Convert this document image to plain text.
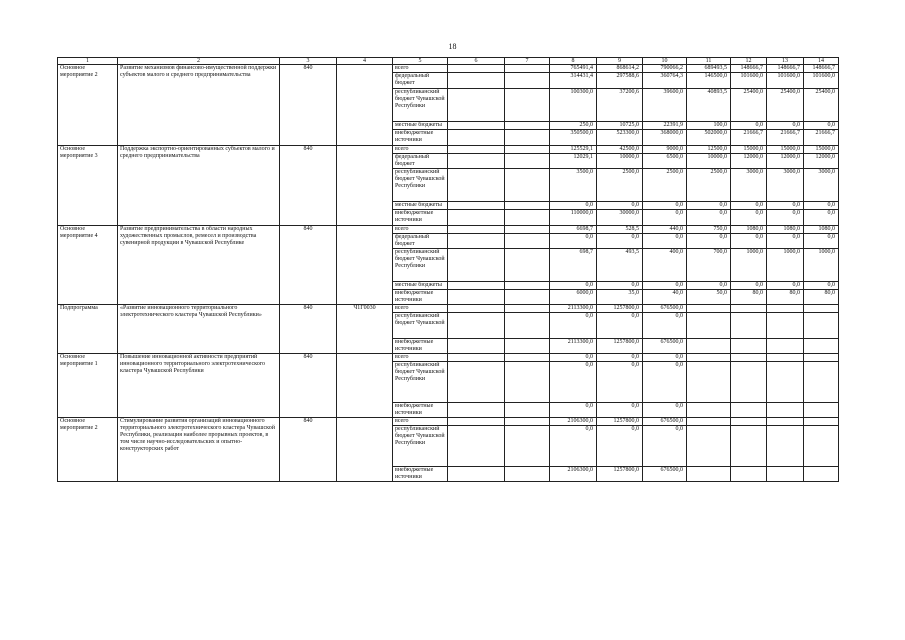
18
1	2	3	4	5	6	7	8	9	10	11	12	13	14
Основное мероприятие 2	Развитие механизмов финансово-имущественной поддержки субъектов малого и среднего предпринимательства	840		всего			765491,4	868614,2	790066,2	689493,5	148666,7	148666,7	148666,7
				федеральный бюджет			314431,4	297588,6	360764,3	146500,0	101600,0	101600,0	101600,0
				республиканский бюджет Чувашской Республики			100300,0	37200,6	39600,0	40893,5	25400,0	25400,0	25400,0
				местные бюджеты			250,0	10725,0	22391,9	100,0	0,0	0,0	0,0
				внебюджетные источники			350500,0	523300,0	368000,0	502000,0	21666,7	21666,7	21666,7
Основное мероприятие 3	Поддержка экспортно-ориентированных субъектов малого и среднего предпринимательства	840		всего			125529,1	42500,0	9000,0	12500,0	15000,0	15000,0	15000,0
				федеральный бюджет			12029,1	10000,0	6500,0	10000,0	12000,0	12000,0	12000,0
				республиканский бюджет Чувашской Республики			3500,0	2500,0	2500,0	2500,0	3000,0	3000,0	3000,0
				местные бюджеты			0,0	0,0	0,0	0,0	0,0	0,0	0,0
				внебюджетные источники			110000,0	30000,0	0,0	0,0	0,0	0,0	0,0
Основное мероприятие 4	Развитие предпринимательства в области народных художественных промыслов, ремесел и производства сувенирной продукции в Чувашской Республике	840		всего			6698,7	528,5	440,0	750,0	1080,0	1080,0	1080,0
				федеральный бюджет			0,0	0,0	0,0	0,0	0,0	0,0	0,0
				республиканский бюджет Чувашской Республики			698,7	493,5	400,0	700,0	1000,0	1000,0	1000,0
				местные бюджеты			0,0	0,0	0,0	0,0	0,0	0,0	0,0
				внебюджетные источники			6000,0	35,0	40,0	50,0	80,0	80,0	80,0
Подпрограмма	«Развитие инновационного территориального электротехнического кластера Чувашской Республики»	840	Ч1Г0030	всего			2113300,0	1257800,0	676500,0				
				республиканский бюджет Чувашской			0,0	0,0	0,0				
				внебюджетные источники			2113300,0	1257800,0	676500,0				
Основное мероприятие 1	Повышение инновационной активности предприятий инновационного территориального электротехнического кластера Чувашской Республики	840		всего			0,0	0,0	0,0				
				республиканский бюджет Чувашской Республики			0,0	0,0	0,0				
				внебюджетные источники			0,0	0,0	0,0				
Основное мероприятие 2	Стимулирование развития организаций инновационного территориального электротехнического кластера Чувашской Республики, реализация наиболее прорывных проектов, в том числе научно-исследовательских и опытно-конструкторских работ	840		всего			2106300,0	1257800,0	676500,0				
				республиканский бюджет Чувашской Республики			0,0	0,0	0,0				
				внебюджетные источники			2106300,0	1257800,0	676500,0				
